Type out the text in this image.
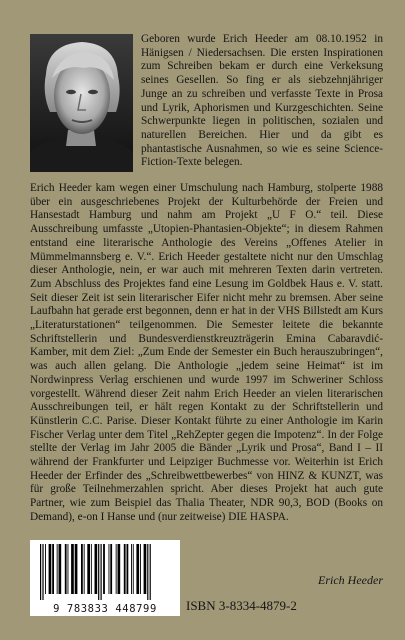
Geboren wurde Erich Heeder am 08.10.1952 in Hänigsen / Niedersachsen. Die ersten Inspirationen zum Schreiben bekam er durch eine Verkeksung seines Gesellen. So fing er als siebzehnjähriger Junge an zu schreiben und verfasste Texte in Prosa und Lyrik, Aphorismen und Kurzgeschichten. Seine Schwerpunkte liegen in politischen, sozialen und naturellen Bereichen. Hier und da gibt es phantastische Ausnahmen, so wie es seine Science-Fiction-Texte belegen.

Erich Heeder kam wegen einer Umschulung nach Hamburg, stolperte 1988 über ein ausgeschriebenes Projekt der Kulturbehörde der Freien und Hansestadt Hamburg und nahm am Projekt „U F O.“ teil. Diese Ausschreibung umfasste „Utopien-Phantasien-Objekte“; in diesem Rahmen entstand eine literarische Anthologie des Vereins „Offenes Atelier in Mümmelmannsberg e. V.“. Erich Heeder gestaltete nicht nur den Umschlag dieser Anthologie, nein, er war auch mit mehreren Texten darin vertreten. Zum Abschluss des Projektes fand eine Lesung im Goldbek Haus e. V. statt. Seit dieser Zeit ist sein literarischer Eifer nicht mehr zu bremsen. Aber seine Laufbahn hat gerade erst begonnen, denn er hat in der VHS Billstedt am Kurs „Literaturstationen“ teilgenommen. Die Semester leitete die bekannte Schriftstellerin und Bundesverdienstkreuzträgerin Emina Cabaravdić-Kamber, mit dem Ziel: „Zum Ende der Semester ein Buch herauszubringen“, was auch allen gelang. Die Anthologie „jedem seine Heimat“ ist im Nordwinpress Verlag erschienen und wurde 1997 im Schweriner Schloss vorgestellt. Während dieser Zeit nahm Erich Heeder an vielen literarischen Ausschreibungen teil, er hält regen Kontakt zu der Schriftstellerin und Künstlerin C.C. Parise. Dieser Kontakt führte zu einer Anthologie im Karin Fischer Verlag unter dem Titel „RehZepter gegen die Impotenz“. In der Folge stellte der Verlag im Jahr 2005 die Bänder „Lyrik und Prosa“, Band I – II während der Frankfurter und Leipziger Buchmesse vor. Weiterhin ist Erich Heeder der Erfinder des „Schreibwettbewerbes“ von HINZ & KUNZT, was für große Teilnehmerzahlen spricht. Aber dieses Projekt hat auch gute Partner, wie zum Beispiel das Thalia Theater, NDR 90,3, BOD (Books on Demand), e-on I Hanse und (nur zeitweise) DIE HASPA.

Erich Heeder
9 783833 448799	ISBN 3-8334-4879-2
